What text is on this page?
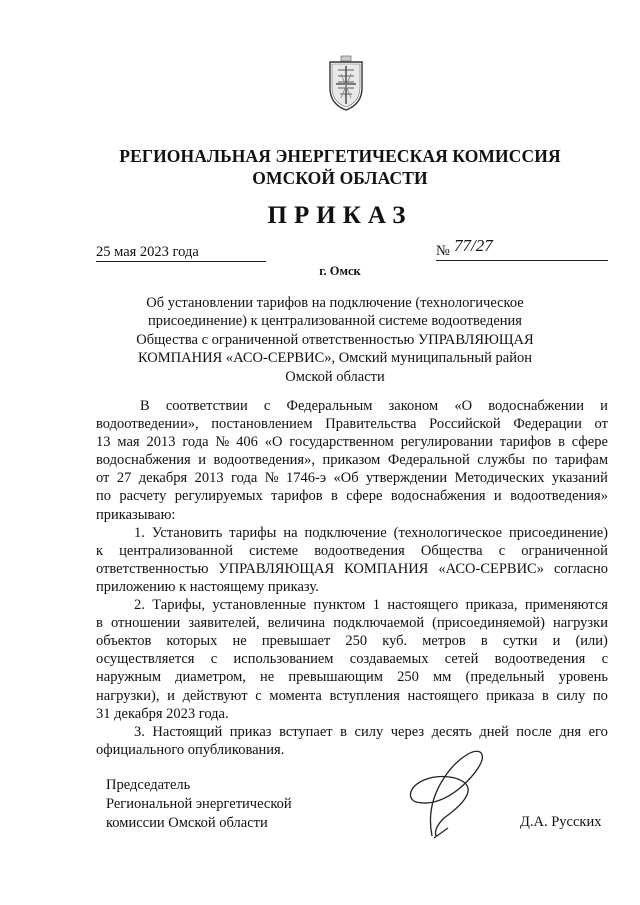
РЕГИОНАЛЬНАЯ ЭНЕРГЕТИЧЕСКАЯ КОМИССИЯ
ОМСКОЙ ОБЛАСТИ
ПРИКАЗ
25 мая 2023 года	№ 77/27
г. Омск
Об установлении тарифов на подключение (технологическое
присоединение) к централизованной системе водоотведения
Общества с ограниченной ответственностью УПРАВЛЯЮЩАЯ
КОМПАНИЯ «АСО-СЕРВИС», Омский муниципальный район
Омской области
В соответствии с Федеральным законом «О водоснабжении и
водоотведении», постановлением Правительства Российской Федерации от
13 мая 2013 года № 406 «О государственном регулировании тарифов в сфере
водоснабжения и водоотведения», приказом Федеральной службы по тарифам
от 27 декабря 2013 года № 1746-э «Об утверждении Методических указаний
по расчету регулируемых тарифов в сфере водоснабжения и водоотведения»
приказываю:
1. Установить тарифы на подключение (технологическое присоединение)
к централизованной системе водоотведения Общества с ограниченной
ответственностью УПРАВЛЯЮЩАЯ КОМПАНИЯ «АСО-СЕРВИС» согласно
приложению к настоящему приказу.
2. Тарифы, установленные пунктом 1 настоящего приказа, применяются
в отношении заявителей, величина подключаемой (присоединяемой) нагрузки
объектов которых не превышает 250 куб. метров в сутки и (или)
осуществляется с использованием создаваемых сетей водоотведения с
наружным диаметром, не превышающим 250 мм (предельный уровень
нагрузки), и действуют с момента вступления настоящего приказа в силу по
31 декабря 2023 года.
3. Настоящий приказ вступает в силу через десять дней после дня его
официального опубликования.
Председатель
Региональной энергетической
комиссии Омской области	Д.А. Русских
